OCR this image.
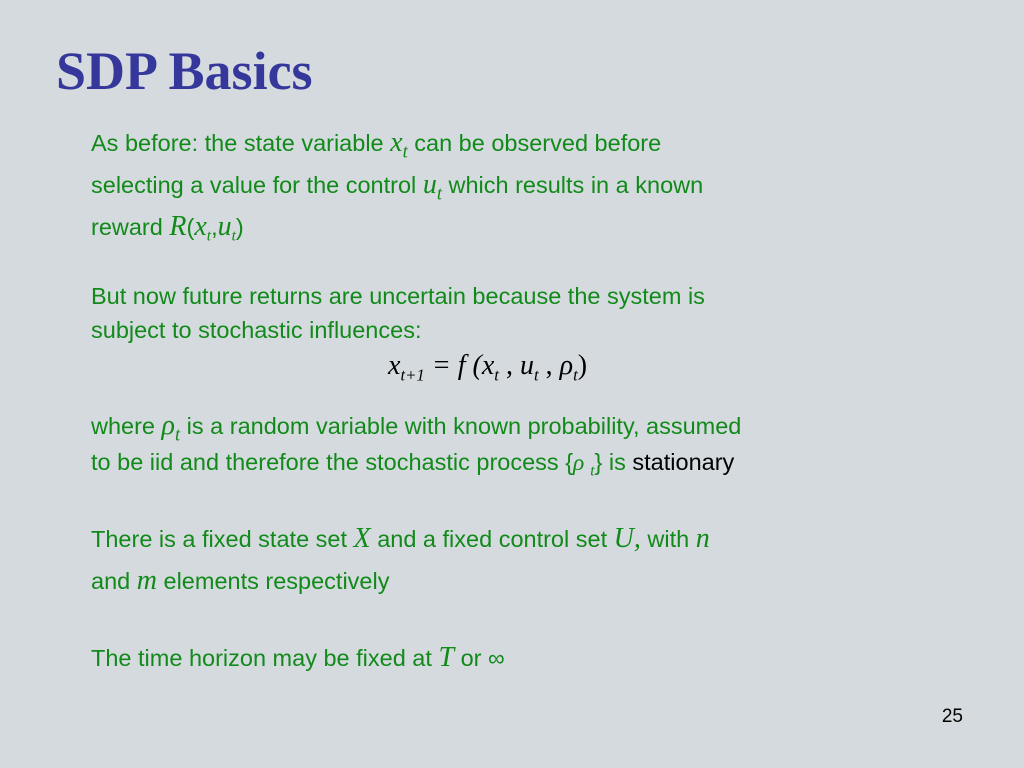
SDP Basics

As before: the state variable $x_t$ can be observed before
selecting a value for the control $u_t$ which results in a known
reward $R(x_t,u_t)$

But now future returns are uncertain because the system is
subject to stochastic influences:

$x_{t+1} = f$ ($x_t$ , $u_t$ , $\rho_t$)

where $\rho_t$ is a random variable with known probability, assumed
to be iid and therefore the stochastic process {ρ $_t$} is stationary

There is a fixed state set X and a fixed control set U, with n
and m elements respectively

The time horizon may be fixed at T or ∞

25
